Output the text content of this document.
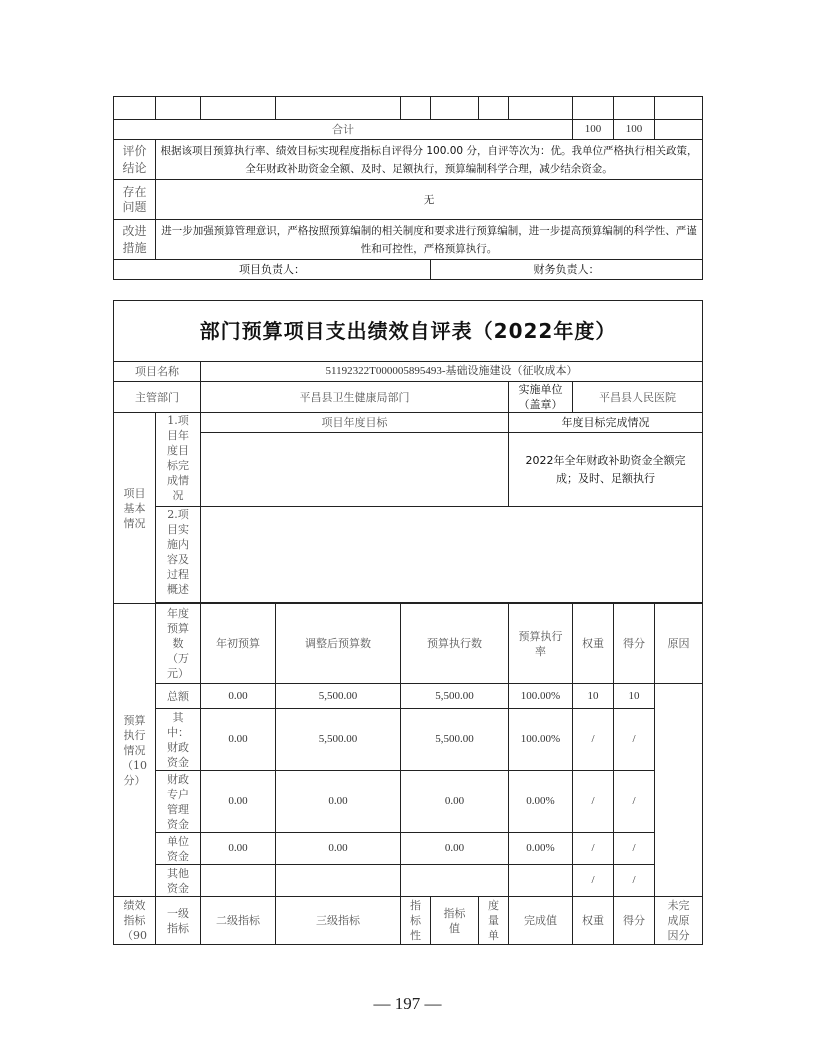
合计								100	100	
评价结论	根据该项目预算执行率、绩效目标实现程度指标自评得分 100.00 分，自评等次为：优。我单位严格执行相关政策，全年财政补助资金全额、及时、足额执行，预算编制科学合理，减少结余资金。									
存在问题	无									
改进措施	进一步加强预算管理意识，严格按照预算编制的相关制度和要求进行预算编制，进一步提高预算编制的科学性、严谨性和可控性，严格预算执行。									
项目负责人：					财务负责人：					
部门预算项目支出绩效自评表（2022年度）										
项目名称		51192322T000005895493-基础设施建设（征收成本）								
主管部门		平昌县卫生健康局部门					实施单位（盖章）	平昌县人民医院		
项目基本情况	1.项目年度目标完成情况	项目年度目标					年度目标完成情况			
							2022年全年财政补助资金全额完成；及时、足额执行			
	2.项目实施内容及过程概述									

预算执行情况（10分）	年度预算数（万元）	年初预算	调整后预算数	预算执行数			预算执行率	权重	得分	原因
	总额	0.00	5,500.00	5,500.00			100.00%	10	10	
	其中：财政资金	0.00	5,500.00	5,500.00			100.00%	/	/	
	财政专户管理资金	0.00	0.00	0.00			0.00%	/	/	
	单位资金	0.00	0.00	0.00			0.00%	/	/	
	其他资金							/	/	
绩效指标（90	一级指标	二级指标	三级指标	指标性	指标值	度量单	完成值	权重	得分	未完成原因分
— 197 —
